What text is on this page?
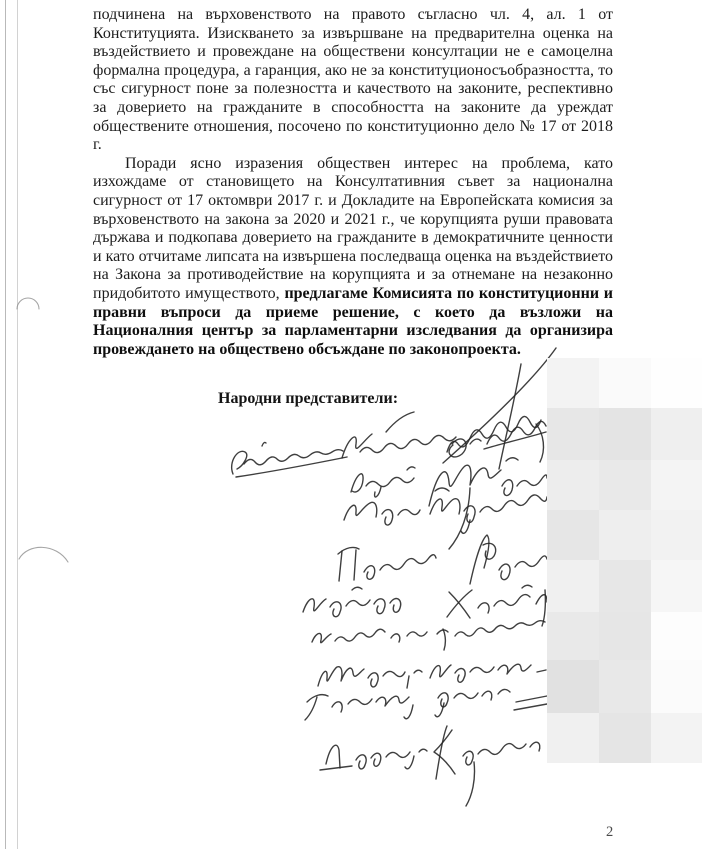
подчинена на върховенството на правото съгласно чл. 4, ал. 1 от Конституцията. Изискването за извършване на предварителна оценка на въздействието и провеждане на обществени консултации не е самоцелна формална процедура, а гаранция, ако не за конституционосъобразността, то със сигурност поне за полезността и качеството на законите, респективно за доверието на гражданите в способността на законите да уреждат обществените отношения, посочено по конституционно дело № 17 от 2018 г.

Поради ясно изразения обществен интерес на проблема, като изхождаме от становището на Консултативния съвет за национална сигурност от 17 октомври 2017 г. и Докладите на Европейската комисия за върховенството на закона за 2020 и 2021 г., че корупцията руши правовата държава и подкопава доверието на гражданите в демократичните ценности и като отчитаме липсата на извършена последваща оценка на въздействието на Закона за противодействие на корупцията и за отнемане на незаконно придобитото имуществото, предлагаме Комисията по конституционни и правни въпроси да приеме решение, с което да възложи на Националния център за парламентарни изследвания да организира провеждането на обществено обсъждане по законопроекта.

Народни представители:
2
